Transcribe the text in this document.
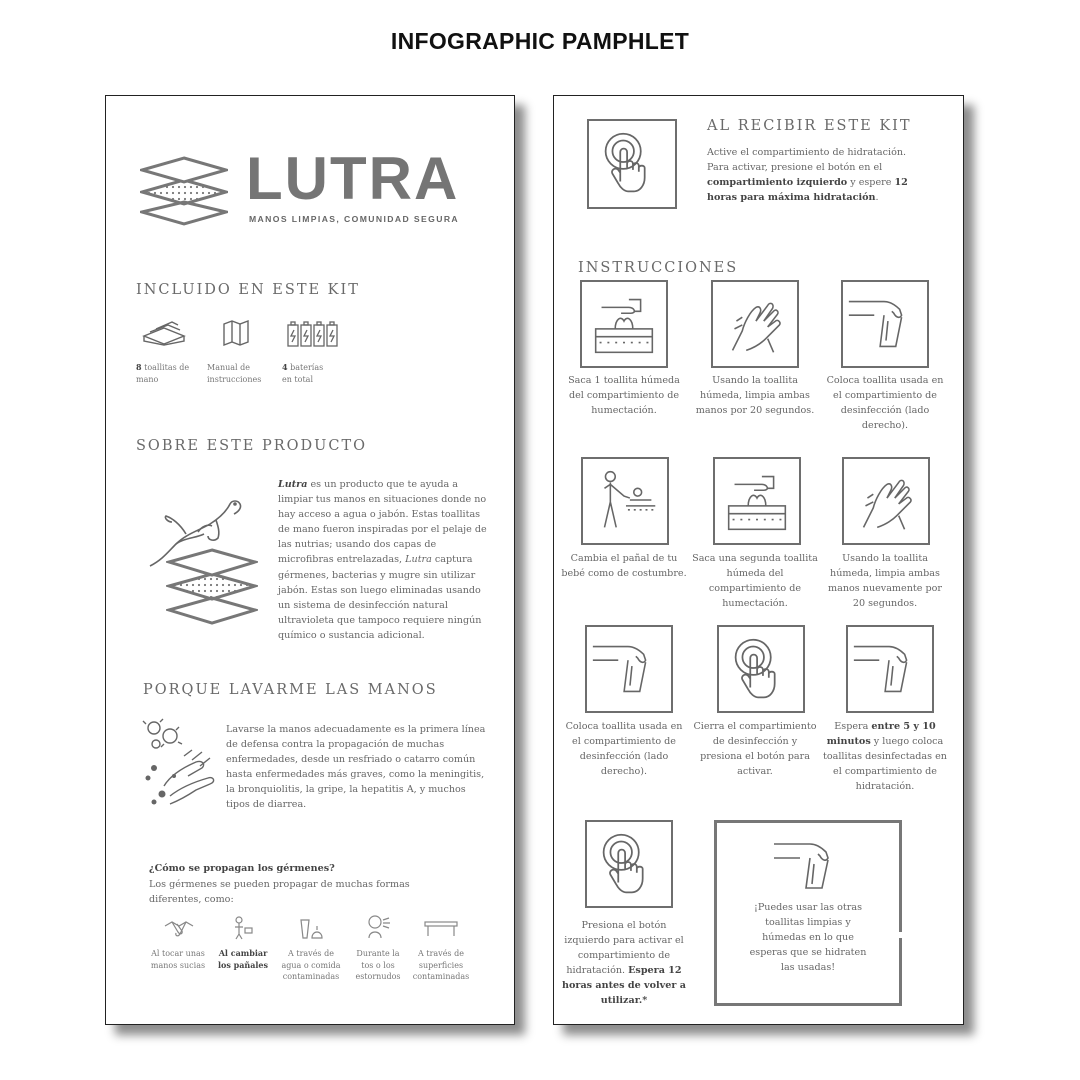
INFOGRAPHIC PAMPHLET
LUTRA
MANOS LIMPIAS, COMUNIDAD SEGURA
INCLUIDO EN ESTE KIT
8 toallitas de mano
Manual de instrucciones
4 baterías en total
SOBRE ESTE PRODUCTO
Lutra es un producto que te ayuda a limpiar tus manos en situaciones donde no hay acceso a agua o jabón. Estas toallitas de mano fueron inspiradas por el pelaje de las nutrias; usando dos capas de microfibras entrelazadas, Lutra captura gérmenes, bacterias y mugre sin utilizar jabón. Estas son luego eliminadas usando un sistema de desinfección natural ultravioleta que tampoco requiere ningún químico o sustancia adicional.
PORQUE LAVARME LAS MANOS
Lavarse la manos adecuadamente es la primera línea de defensa contra la propagación de muchas enfermedades, desde un resfriado o catarro común hasta enfermedades más graves, como la meningitis, la bronquiolitis, la gripe, la hepatitis A, y muchos tipos de diarrea.
¿Cómo se propagan los gérmenes?
Los gérmenes se pueden propagar de muchas formas diferentes, como:
Al tocar unas manos sucias
Al cambiar los pañales
A través de agua o comida contaminadas
Durante la tos o los estornudos
A través de superficies contaminadas
AL RECIBIR ESTE KIT
Active el compartimiento de hidratación. Para activar, presione el botón en el compartimiento izquierdo y espere 12 horas para máxima hidratación.
INSTRUCCIONES
Saca 1 toallita húmeda del compartimiento de humectación.
Usando la toallita húmeda, limpia ambas manos por 20 segundos.
Coloca toallita usada en el compartimiento de desinfección (lado derecho).
Cambia el pañal de tu bebé como de costumbre.
Saca una segunda toallita húmeda del compartimiento de humectación.
Usando la toallita húmeda, limpia ambas manos nuevamente por 20 segundos.
Coloca toallita usada en el compartimiento de desinfección (lado derecho).
Cierra el compartimiento de desinfección y presiona el botón para activar.
Espera entre 5 y 10 minutos y luego coloca toallitas desinfectadas en el compartimiento de hidratación.
Presiona el botón izquierdo para activar el compartimiento de hidratación. Espera 12 horas antes de volver a utilizar.*
¡Puedes usar las otras toallitas limpias y húmedas en lo que esperas que se hidraten las usadas!
